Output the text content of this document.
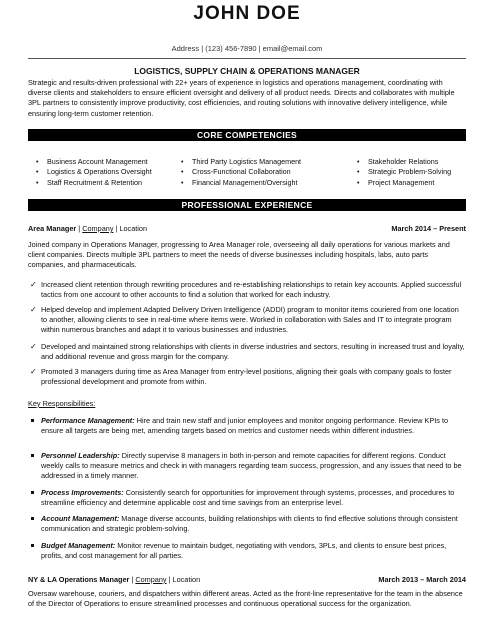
JOHN DOE
Address | (123) 456-7890 | email@email.com
LOGISTICS, SUPPLY CHAIN & OPERATIONS MANAGER
Strategic and results-driven professional with 22+ years of experience in logistics and operations management, coordinating with diverse clients and stakeholders to ensure efficient oversight and delivery of all product needs. Directs and collaborates with multiple 3PL partners to consistently improve productivity, cost efficiencies, and routing solutions with innovative delivery intelligence, while ensuring long-term customer retention.
CORE COMPETENCIES
• Business Account Management
• Logistics & Operations Oversight
• Staff Recruitment & Retention
• Third Party Logistics Management
• Cross-Functional Collaboration
• Financial Management/Oversight
• Stakeholder Relations
• Strategic Problem-Solving
• Project Management
PROFESSIONAL EXPERIENCE
Area Manager | Company | Location	March 2014 – Present
Joined company in Operations Manager, progressing to Area Manager role, overseeing all daily operations for various markets and client companies. Directs multiple 3PL partners to meet the needs of diverse businesses including hospitals, labs, auto parts companies, and pharmaceuticals.
✓ Increased client retention through rewriting procedures and re-establishing relationships to retain key accounts. Applied successful tactics from one account to other accounts to find a solution that worked for each industry.
✓ Helped develop and implement Adapted Delivery Driven Intelligence (ADDI) program to monitor items couriered from one location to another, allowing clients to see in real-time where items were. Worked in collaboration with Sales and IT to integrate program within numerous branches and adapt it to various businesses and industries.
✓ Developed and maintained strong relationships with clients in diverse industries and sectors, resulting in increased trust and loyalty, and additional revenue and gross margin for the company.
✓ Promoted 3 managers during time as Area Manager from entry-level positions, aligning their goals with company goals to foster professional development and promote from within.
Key Responsibilities:
Performance Management: Hire and train new staff and junior employees and monitor ongoing performance. Review KPIs to ensure all targets are being met, amending targets based on metrics and customer needs within different industries.
Personnel Leadership: Directly supervise 8 managers in both in-person and remote capacities for different regions. Conduct weekly calls to measure metrics and check in with managers regarding team success, progression, and any issues that need to be addressed in a timely manner.
Process Improvements: Consistently search for opportunities for improvement through systems, processes, and procedures to streamline efficiency and determine applicable cost and time savings from an enterprise level.
Account Management: Manage diverse accounts, building relationships with clients to find effective solutions through consistent communication and strategic problem-solving.
Budget Management: Monitor revenue to maintain budget, negotiating with vendors, 3PLs, and clients to ensure best prices, profits, and cost management for all parties.
NY & LA Operations Manager | Company | Location	March 2013 – March 2014
Oversaw warehouse, couriers, and dispatchers within different areas. Acted as the front-line representative for the team in the absence of the Director of Operations to ensure streamlined processes and continuous operational success for the organization.
